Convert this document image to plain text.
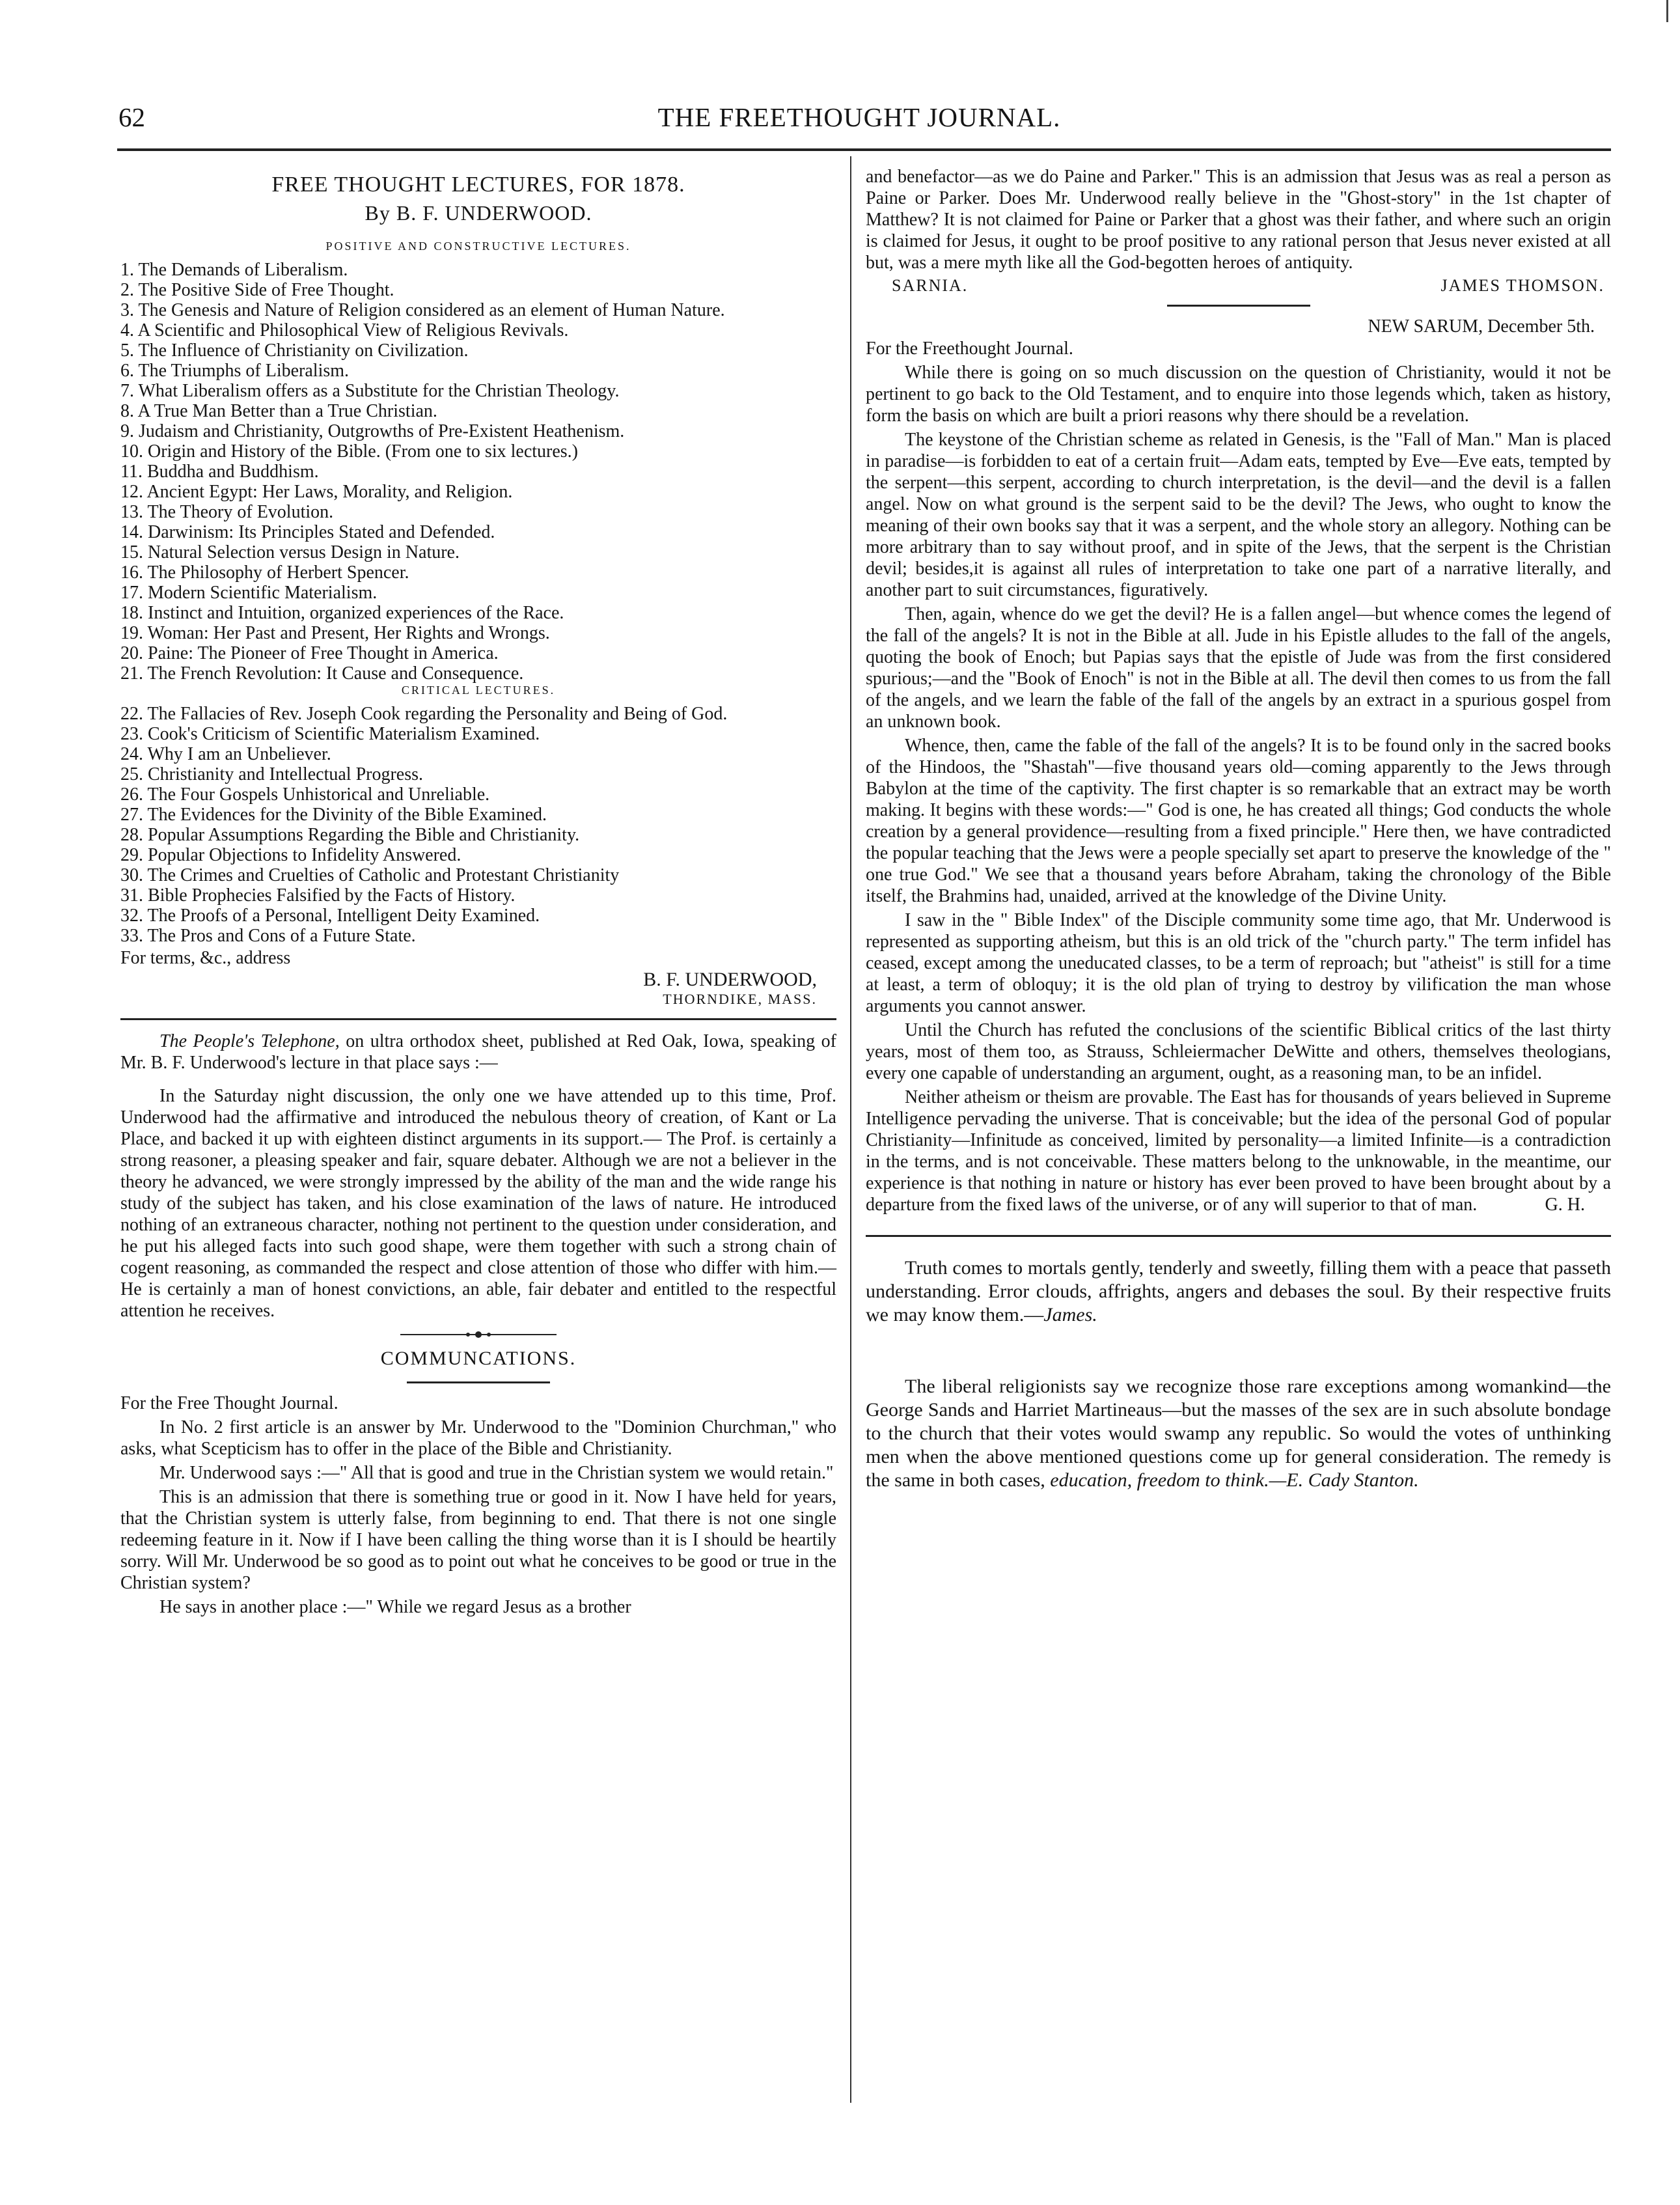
62	THE FREETHOUGHT JOURNAL.
FREE THOUGHT LECTURES, FOR 1878.
By B. F. UNDERWOOD.
POSITIVE AND CONSTRUCTIVE LECTURES.
1. The Demands of Liberalism.
2. The Positive Side of Free Thought.
3. The Genesis and Nature of Religion considered as an element of Human Nature.
4. A Scientific and Philosophical View of Religious Revivals.
5. The Influence of Christianity on Civilization.
6. The Triumphs of Liberalism.
7. What Liberalism offers as a Substitute for the Christian Theology.
8. A True Man Better than a True Christian.
9. Judaism and Christianity, Outgrowths of Pre-Existent Heathenism.
10. Origin and History of the Bible. (From one to six lectures.)
11. Buddha and Buddhism.
12. Ancient Egypt: Her Laws, Morality, and Religion.
13. The Theory of Evolution.
14. Darwinism: Its Principles Stated and Defended.
15. Natural Selection versus Design in Nature.
16. The Philosophy of Herbert Spencer.
17. Modern Scientific Materialism.
18. Instinct and Intuition, organized experiences of the Race.
19. Woman: Her Past and Present, Her Rights and Wrongs.
20. Paine: The Pioneer of Free Thought in America.
21. The French Revolution: It Cause and Consequence.
CRITICAL LECTURES.
22. The Fallacies of Rev. Joseph Cook regarding the Personality and Being of God.
23. Cook's Criticism of Scientific Materialism Examined.
24. Why I am an Unbeliever.
25. Christianity and Intellectual Progress.
26. The Four Gospels Unhistorical and Unreliable.
27. The Evidences for the Divinity of the Bible Examined.
28. Popular Assumptions Regarding the Bible and Christianity.
29. Popular Objections to Infidelity Answered.
30. The Crimes and Cruelties of Catholic and Protestant Christianity
31. Bible Prophecies Falsified by the Facts of History.
32. The Proofs of a Personal, Intelligent Deity Examined.
33. The Pros and Cons of a Future State.
For terms, &c., address
B. F. UNDERWOOD,
THORNDIKE, MASS.

The People's Telephone, on ultra orthodox sheet, published at Red Oak, Iowa, speaking of Mr. B. F. Underwood's lecture in that place says :—

In the Saturday night discussion, the only one we have attended up to this time, Prof. Underwood had the affirmative and introduced the nebulous theory of creation, of Kant or La Place, and backed it up with eighteen distinct arguments in its support.— The Prof. is certainly a strong reasoner, a pleasing speaker and fair, square debater. Although we are not a believer in the theory he advanced, we were strongly impressed by the ability of the man and the wide range his study of the subject has taken, and his close examination of the laws of nature. He introduced nothing of an extraneous character, nothing not pertinent to the question under consideration, and he put his alleged facts into such good shape, were them together with such a strong chain of cogent reasoning, as commanded the respect and close attention of those who differ with him.—He is certainly a man of honest convictions, an able, fair debater and entitled to the respectful attention he receives.

COMMUNCATIONS.

For the Free Thought Journal.

In No. 2 first article is an answer by Mr. Underwood to the "Dominion Churchman," who asks, what Scepticism has to offer in the place of the Bible and Christianity.

Mr. Underwood says :—" All that is good and true in the Christian system we would retain."

This is an admission that there is something true or good in it. Now I have held for years, that the Christian system is utterly false, from beginning to end. That there is not one single redeeming feature in it. Now if I have been calling the thing worse than it is I should be heartily sorry. Will Mr. Underwood be so good as to point out what he conceives to be good or true in the Christian system?

He says in another place :—" While we regard Jesus as a brother

and benefactor—as we do Paine and Parker." This is an admission that Jesus was as real a person as Paine or Parker. Does Mr. Underwood really believe in the "Ghost-story" in the 1st chapter of Matthew? It is not claimed for Paine or Parker that a ghost was their father, and where such an origin is claimed for Jesus, it ought to be proof positive to any rational person that Jesus never existed at all but, was a mere myth like all the God-begotten heroes of antiquity.

SARNIA.	JAMES THOMSON.
NEW SARUM, December 5th.

For the Freethought Journal.

While there is going on so much discussion on the question of Christianity, would it not be pertinent to go back to the Old Testament, and to enquire into those legends which, taken as history, form the basis on which are built a priori reasons why there should be a revelation.

The keystone of the Christian scheme as related in Genesis, is the "Fall of Man." Man is placed in paradise—is forbidden to eat of a certain fruit—Adam eats, tempted by Eve—Eve eats, tempted by the serpent—this serpent, according to church interpretation, is the devil—and the devil is a fallen angel. Now on what ground is the serpent said to be the devil? The Jews, who ought to know the meaning of their own books say that it was a serpent, and the whole story an allegory. Nothing can be more arbitrary than to say without proof, and in spite of the Jews, that the serpent is the Christian devil; besides,it is against all rules of interpretation to take one part of a narrative literally, and another part to suit circumstances, figuratively.

Then, again, whence do we get the devil? He is a fallen angel—but whence comes the legend of the fall of the angels? It is not in the Bible at all. Jude in his Epistle alludes to the fall of the angels, quoting the book of Enoch; but Papias says that the epistle of Jude was from the first considered spurious;—and the "Book of Enoch" is not in the Bible at all. The devil then comes to us from the fall of the angels, and we learn the fable of the fall of the angels by an extract in a spurious gospel from an unknown book.

Whence, then, came the fable of the fall of the angels? It is to be found only in the sacred books of the Hindoos, the "Shastah"—five thousand years old—coming apparently to the Jews through Babylon at the time of the captivity. The first chapter is so remarkable that an extract may be worth making. It begins with these words:—" God is one, he has created all things; God conducts the whole creation by a general providence—resulting from a fixed principle." Here then, we have contradicted the popular teaching that the Jews were a people specially set apart to preserve the knowledge of the " one true God." We see that a thousand years before Abraham, taking the chronology of the Bible itself, the Brahmins had, unaided, arrived at the knowledge of the Divine Unity.

I saw in the " Bible Index" of the Disciple community some time ago, that Mr. Underwood is represented as supporting atheism, but this is an old trick of the "church party." The term infidel has ceased, except among the uneducated classes, to be a term of reproach; but "atheist" is still for a time at least, a term of obloquy; it is the old plan of trying to destroy by vilification the man whose arguments you cannot answer.

Until the Church has refuted the conclusions of the scientific Biblical critics of the last thirty years, most of them too, as Strauss, Schleiermacher DeWitte and others, themselves theologians, every one capable of understanding an argument, ought, as a reasoning man, to be an infidel.

Neither atheism or theism are provable. The East has for thousands of years believed in Supreme Intelligence pervading the universe. That is conceivable; but the idea of the personal God of popular Christianity—Infinitude as conceived, limited by personality—a limited Infinite—is a contradiction in the terms, and is not conceivable. These matters belong to the unknowable, in the meantime, our experience is that nothing in nature or history has ever been proved to have been brought about by a departure from the fixed laws of the universe, or of any will superior to that of man.	G. H.

Truth comes to mortals gently, tenderly and sweetly, filling them with a peace that passeth understanding. Error clouds, affrights, angers and debases the soul. By their respective fruits we may know them.—James.

The liberal religionists say we recognize those rare exceptions among womankind—the George Sands and Harriet Martineaus—but the masses of the sex are in such absolute bondage to the church that their votes would swamp any republic. So would the votes of unthinking men when the above mentioned questions come up for general consideration. The remedy is the same in both cases, education, freedom to think.—E. Cady Stanton.
